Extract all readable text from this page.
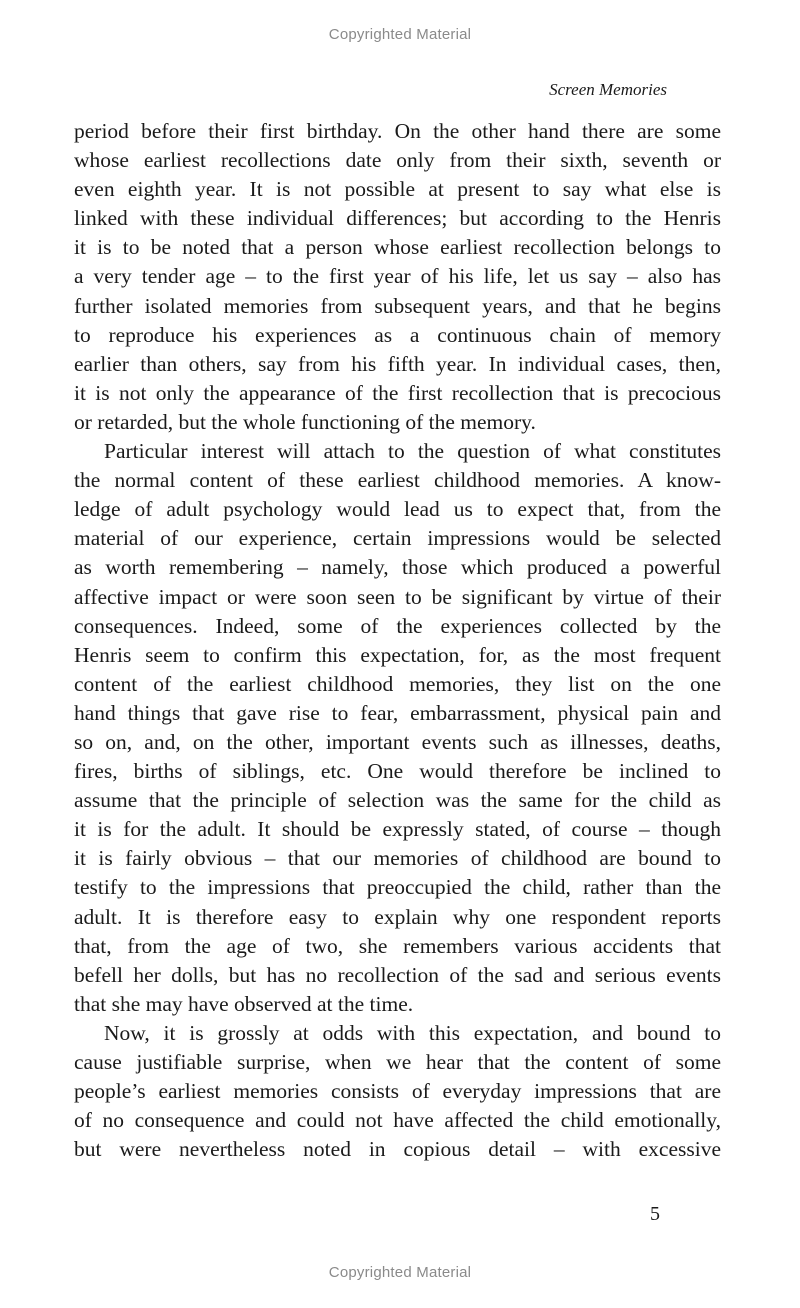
Copyrighted Material
Screen Memories

period before their first birthday. On the other hand there are some
whose earliest recollections date only from their sixth, seventh or
even eighth year. It is not possible at present to say what else is
linked with these individual differences; but according to the Henris
it is to be noted that a person whose earliest recollection belongs to
a very tender age – to the first year of his life, let us say – also has
further isolated memories from subsequent years, and that he begins
to reproduce his experiences as a continuous chain of memory
earlier than others, say from his fifth year. In individual cases, then,
it is not only the appearance of the first recollection that is precocious
or retarded, but the whole functioning of the memory.

Particular interest will attach to the question of what constitutes
the normal content of these earliest childhood memories. A know-
ledge of adult psychology would lead us to expect that, from the
material of our experience, certain impressions would be selected
as worth remembering – namely, those which produced a powerful
affective impact or were soon seen to be significant by virtue of their
consequences. Indeed, some of the experiences collected by the
Henris seem to confirm this expectation, for, as the most frequent
content of the earliest childhood memories, they list on the one
hand things that gave rise to fear, embarrassment, physical pain and
so on, and, on the other, important events such as illnesses, deaths,
fires, births of siblings, etc. One would therefore be inclined to
assume that the principle of selection was the same for the child as
it is for the adult. It should be expressly stated, of course – though
it is fairly obvious – that our memories of childhood are bound to
testify to the impressions that preoccupied the child, rather than the
adult. It is therefore easy to explain why one respondent reports
that, from the age of two, she remembers various accidents that
befell her dolls, but has no recollection of the sad and serious events
that she may have observed at the time.

Now, it is grossly at odds with this expectation, and bound to
cause justifiable surprise, when we hear that the content of some
people’s earliest memories consists of everyday impressions that are
of no consequence and could not have affected the child emotionally,
but were nevertheless noted in copious detail – with excessive

5
Copyrighted Material
